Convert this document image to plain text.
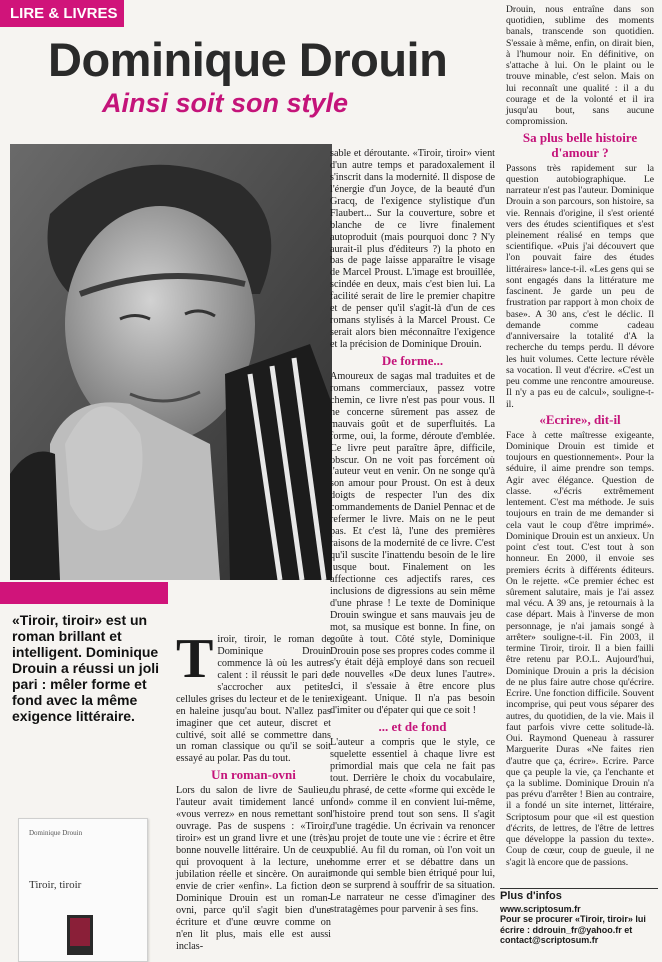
LIRE & LIVRES
Dominique Drouin
Ainsi soit son style

«Tiroir, tiroir» est un roman brillant et intelligent. Dominique Drouin a réussi un joli pari : mêler forme et fond avec la même exigence littéraire.

Dominique Drouin
Tiroir, tiroir

sable et déroutante. «Tiroir, tiroir» vient d'un autre temps et paradoxalement il s'inscrit dans la modernité. Il dispose de l'énergie d'un Joyce, de la beauté d'un Gracq, de l'exigence stylistique d'un Flaubert... Sur la couverture, sobre et blanche de ce livre finalement autoproduit (mais pourquoi donc ? N'y aurait-il plus d'éditeurs ?) la photo en bas de page laisse apparaître le visage de Marcel Proust. L'image est brouillée, scindée en deux, mais c'est bien lui. La facilité serait de lire le premier chapitre et de penser qu'il s'agit-là d'un de ces romans stylisés à la Marcel Proust. Ce serait alors bien méconnaître l'exigence et la précision de Dominique Drouin.

De forme...

Amoureux de sagas mal traduites et de romans commerciaux, passez votre chemin, ce livre n'est pas pour vous. Il ne concerne sûrement pas assez de mauvais goût et de superfluités. La forme, oui, la forme, déroute d'emblée. Ce livre peut paraître âpre, difficile, obscur. On ne voit pas forcément où l'auteur veut en venir. On ne songe qu'à son amour pour Proust. On est à deux doigts de respecter l'un des dix commandements de Daniel Pennac et de refermer le livre. Mais on ne le peut pas. Et c'est là, l'une des premières raisons de la modernité de ce livre. C'est qu'il suscite l'inattendu besoin de le lire jusque bout. Finalement on les affectionne ces adjectifs rares, ces inclusions de digressions au sein même d'une phrase ! Le texte de Dominique Drouin swingue et sans mauvais jeu de mot, sa musique est bonne. In fine, on goûte à tout. Côté style, Dominique Drouin pose ses propres codes comme il s'y était déjà employé dans son recueil de nouvelles «De deux lunes l'autre». Ici, il s'essaie à être encore plus exigeant. Unique. Il n'a pas besoin d'imiter ou d'épater qui que ce soit !

... et de fond

L'auteur a compris que le style, ce squelette essentiel à chaque livre est primordial mais que cela ne fait pas tout. Derrière le choix du vocabulaire, du phrasé, de cette «forme qui excède le fond» comme il en convient lui-même, l'histoire prend tout son sens. Il s'agit d'une tragédie. Un écrivain va renoncer au projet de toute une vie : écrire et être publié. Au fil du roman, où l'on voit un homme errer et se débattre dans un monde qui semble bien étriqué pour lui, on se surprend à souffrir de sa situation. Le narrateur ne cesse d'imaginer des stratagèmes pour parvenir à ses fins.

T iroir, tiroir, le roman de Dominique Drouin commence là où les autres calent : il réussit le pari de s'accrocher aux petites cellules grises du lecteur et de le tenir en haleine jusqu'au bout. N'allez pas imaginer que cet auteur, discret et cultivé, soit allé se commettre dans un roman classique ou qu'il se soit essayé au polar. Pas du tout.

Un roman-ovni

Lors du salon de livre de Saulieu, l'auteur avait timidement lancé un «vous verrez» en nous remettant son ouvrage. Pas de suspens : «Tiroir, tiroir» est un grand livre et une (très) bonne nouvelle littéraire. Un de ceux qui provoquent à la lecture, une jubilation réelle et sincère. On aurait envie de crier «enfin». La fiction de Dominique Drouin est un roman-ovni, parce qu'il s'agit bien d'une écriture et d'une œuvre comme on n'en lit plus, mais elle est aussi inclas-

Drouin, nous entraîne dans son quotidien, sublime des moments banals, transcende son quotidien. S'essaie à même, enfin, on dirait bien, à l'humour noir. En définitive, on s'attache à lui. On le plaint ou le trouve minable, c'est selon. Mais on lui reconnaît une qualité : il a du courage et de la volonté et il ira jusqu'au bout, sans aucune compromission.

Sa plus belle histoire d'amour ?

Passons très rapidement sur la question autobiographique. Le narrateur n'est pas l'auteur. Dominique Drouin a son parcours, son histoire, sa vie. Rennais d'origine, il s'est orienté vers des études scientifiques et s'est pleinement réalisé en temps que scientifique. «Puis j'ai découvert que l'on pouvait faire des études littéraires» lance-t-il. «Les gens qui se sont engagés dans la littérature me fascinent. Je garde un peu de frustration par rapport à mon choix de base». A 30 ans, c'est le déclic. Il demande comme cadeau d'anniversaire la totalité d'A la recherche du temps perdu. Il dévore les huit volumes. Cette lecture révèle sa vocation. Il veut d'écrire. «C'est un peu comme une rencontre amoureuse. Il n'y a pas eu de calcul», souligne-t-il.

«Ecrire», dit-il

Face à cette maîtresse exigeante, Dominique Drouin est timide et toujours en questionnement». Pour la séduire, il aime prendre son temps. Agir avec élégance. Question de classe. «J'écris extrêmement lentement. C'est ma méthode. Je suis toujours en train de me demander si cela vaut le coup d'être imprimé». Dominique Drouin est un anxieux. Un point c'est tout. C'est tout à son honneur. En 2000, il envoie ses premiers écrits à différents éditeurs. On le rejette. «Ce premier échec est sûrement salutaire, mais je l'ai assez mal vécu. A 39 ans, je retournais à la case départ. Mais à l'inverse de mon personnage, je n'ai jamais songé à arrêter» souligne-t-il. Fin 2003, il termine Tiroir, tiroir. Il a bien failli être retenu par P.O.L. Aujourd'hui, Dominique Drouin a pris la décision de ne plus faire autre chose qu'écrire. Ecrire. Une fonction difficile. Souvent incomprise, qui peut vous séparer des autres, du quotidien, de la vie. Mais il faut parfois vivre cette solitude-là. Oui. Raymond Queneau à rassurer Marguerite Duras «Ne faites rien d'autre que ça, écrire». Ecrire. Parce que ça peuple la vie, ça l'enchante et ça la sublime. Dominique Drouin n'a pas prévu d'arrêter ! Bien au contraire, il a fondé un site internet, littéraire, Scriptosum pour que «il est question d'écrits, de lettres, de l'être de lettres que développe la passion du texte». Coup de cœur, coup de gueule, il ne s'agit là encore que de passions.

Plus d'infos
www.scriptosum.fr
Pour se procurer «Tiroir, tiroir» lui écrire : ddrouin_fr@yahoo.fr et contact@scriptosum.fr
